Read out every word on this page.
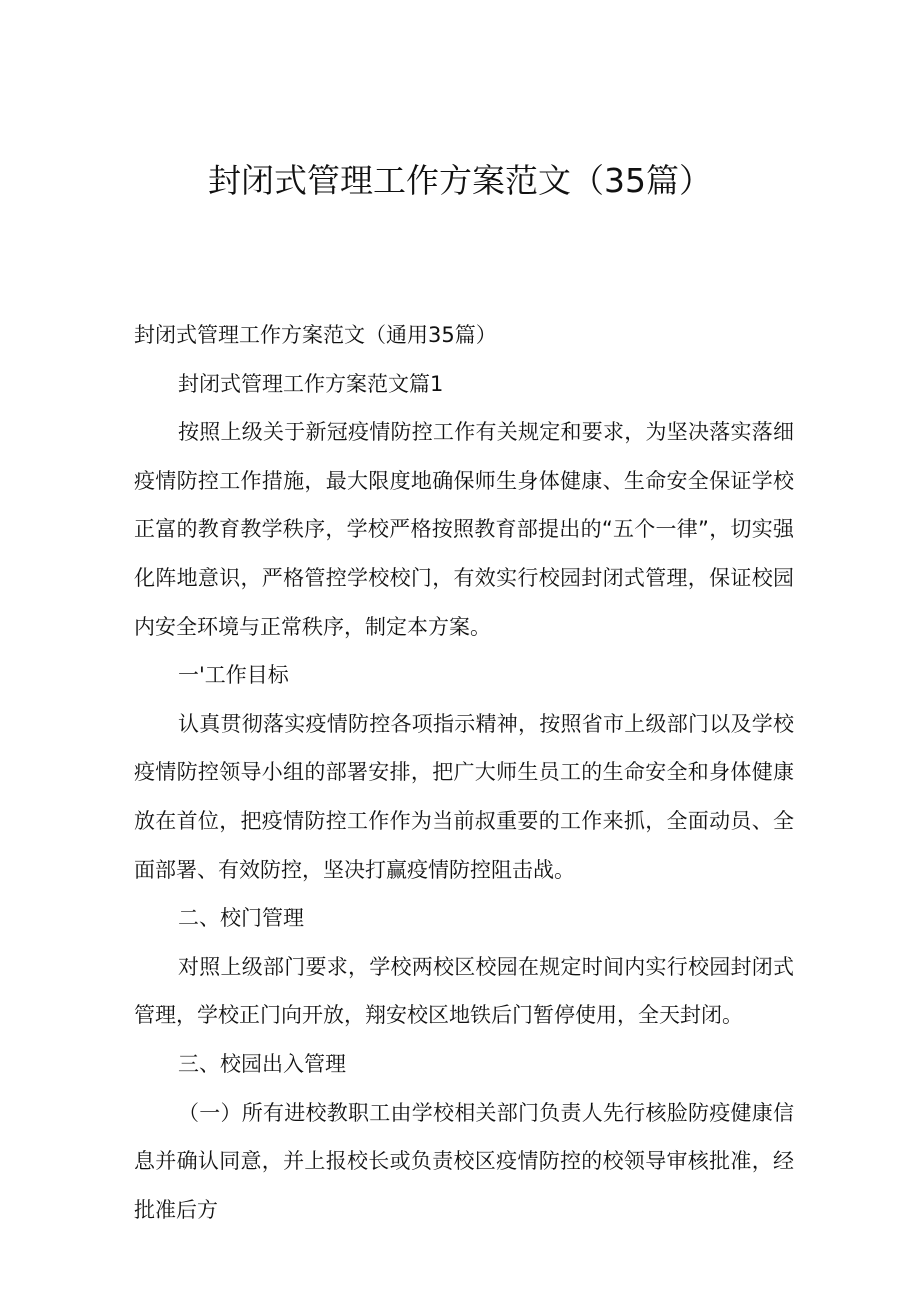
封闭式管理工作方案范文（35篇）

封闭式管理工作方案范文（通用35篇）

封闭式管理工作方案范文篇1

按照上级关于新冠疫情防控工作有关规定和要求，为坚决落实落细疫情防控工作措施，最大限度地确保师生身体健康、生命安全保证学校正富的教育教学秩序，学校严格按照教育部提出的“五个一律”，切实强化阵地意识，严格管控学校校门，有效实行校园封闭式管理，保证校园内安全环境与正常秩序，制定本方案。

一'工作目标

认真贯彻落实疫情防控各项指示精神，按照省市上级部门以及学校疫情防控领导小组的部署安排，把广大师生员工的生命安全和身体健康放在首位，把疫情防控工作作为当前叔重要的工作来抓，全面动员、全面部署、有效防控，坚决打赢疫情防控阻击战。

二、校门管理

对照上级部门要求，学校两校区校园在规定时间内实行校园封闭式管理，学校正门向开放，翔安校区地铁后门暂停使用，全天封闭。

三、校园出入管理

（一）所有进校教职工由学校相关部门负责人先行核脸防疫健康信息并确认同意，并上报校长或负责校区疫情防控的校领导审核批准，经批准后方
